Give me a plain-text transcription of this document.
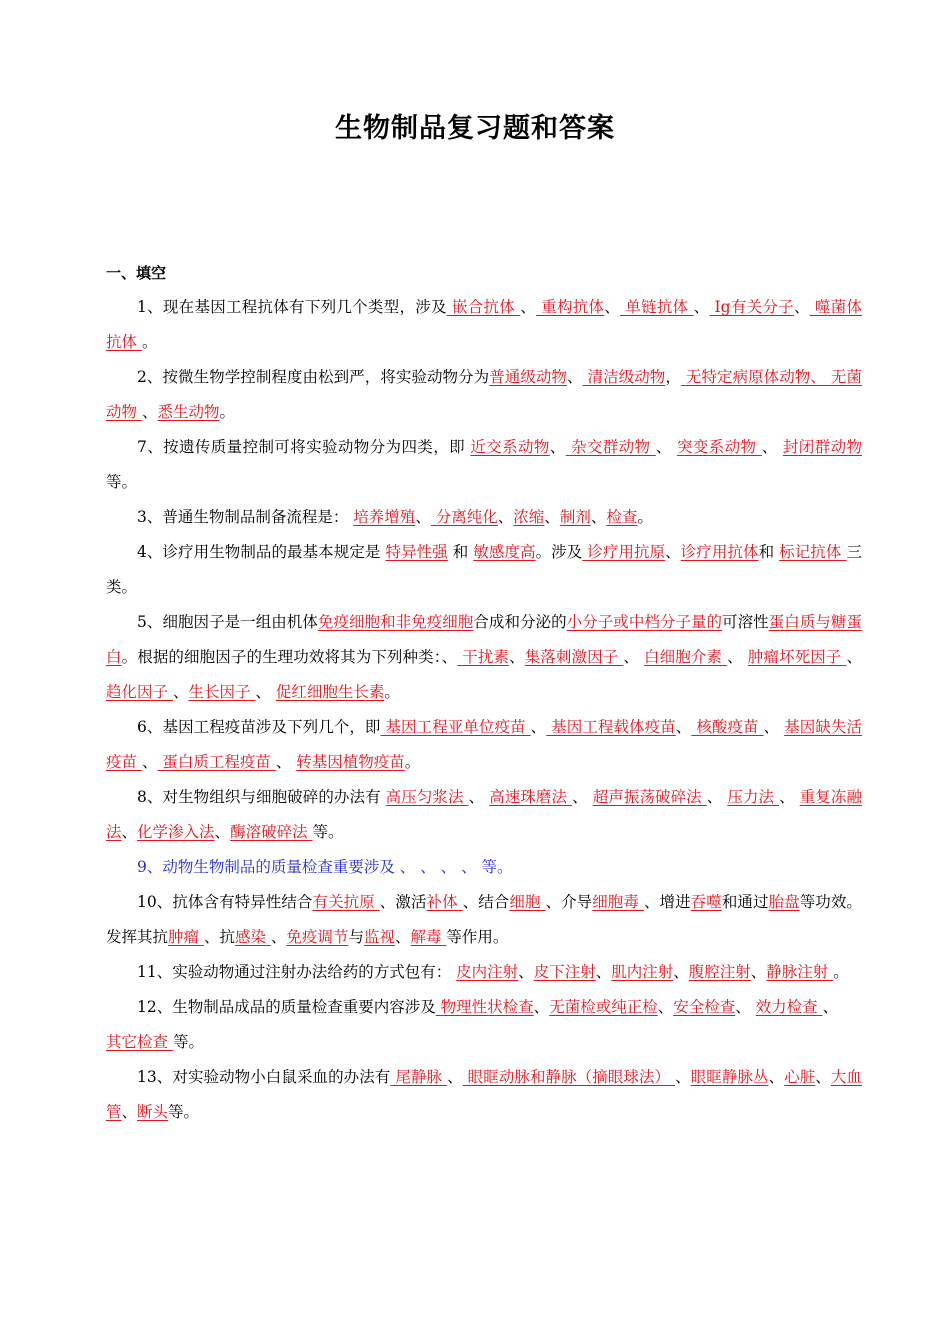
生物制品复习题和答案
一、填空

1、现在基因工程抗体有下列几个类型，涉及 嵌合抗体 、 重构抗体、 单链抗体 、 Ig有关分子、 噬菌体抗体 。

2、按微生物学控制程度由松到严，将实验动物分为普通级动物、 清洁级动物， 无特定病原体动物、 无菌动物 、悉生动物。

7、按遗传质量控制可将实验动物分为四类，即 近交系动物、 杂交群动物 、 突变系动物 、 封闭群动物等。

3、普通生物制品制备流程是： 培养增殖、 分离纯化、浓缩、制剂、检查。

4、诊疗用生物制品的最基本规定是 特异性强 和 敏感度高。涉及 诊疗用抗原、诊疗用抗体和 标记抗体 三类。

5、细胞因子是一组由机体免疫细胞和非免疫细胞合成和分泌的小分子或中档分子量的可溶性蛋白质与糖蛋白。根据的细胞因子的生理功效将其为下列种类：、 干扰素、集落刺激因子 、 白细胞介素 、 肿瘤坏死因子 、趋化因子 、生长因子 、 促红细胞生长素。

6、基因工程疫苗涉及下列几个，即 基因工程亚单位疫苗 、 基因工程载体疫苗、 核酸疫苗 、 基因缺失活疫苗 、 蛋白质工程疫苗 、 转基因植物疫苗。

8、对生物组织与细胞破碎的办法有 高压匀浆法 、 高速珠磨法 、 超声振荡破碎法 、 压力法 、 重复冻融法、化学渗入法、酶溶破碎法 等。

9、动物生物制品的质量检查重要涉及 、 、 、 、 等。

10、抗体含有特异性结合有关抗原 、激活补体 、结合细胞 、介导细胞毒 、增进吞噬和通过胎盘等功效。发挥其抗肿瘤 、抗感染 、免疫调节与监视、解毒 等作用。

11、实验动物通过注射办法给药的方式包有： 皮内注射、皮下注射、肌内注射、腹腔注射、静脉注射 。

12、生物制品成品的质量检查重要内容涉及 物理性状检查、无菌检或纯正检、安全检查、 效力检查 、

其它检查 等。

13、对实验动物小白鼠采血的办法有 尾静脉 、 眼眶动脉和静脉（摘眼球法） 、眼眶静脉丛、心脏、大血管、断头等。
